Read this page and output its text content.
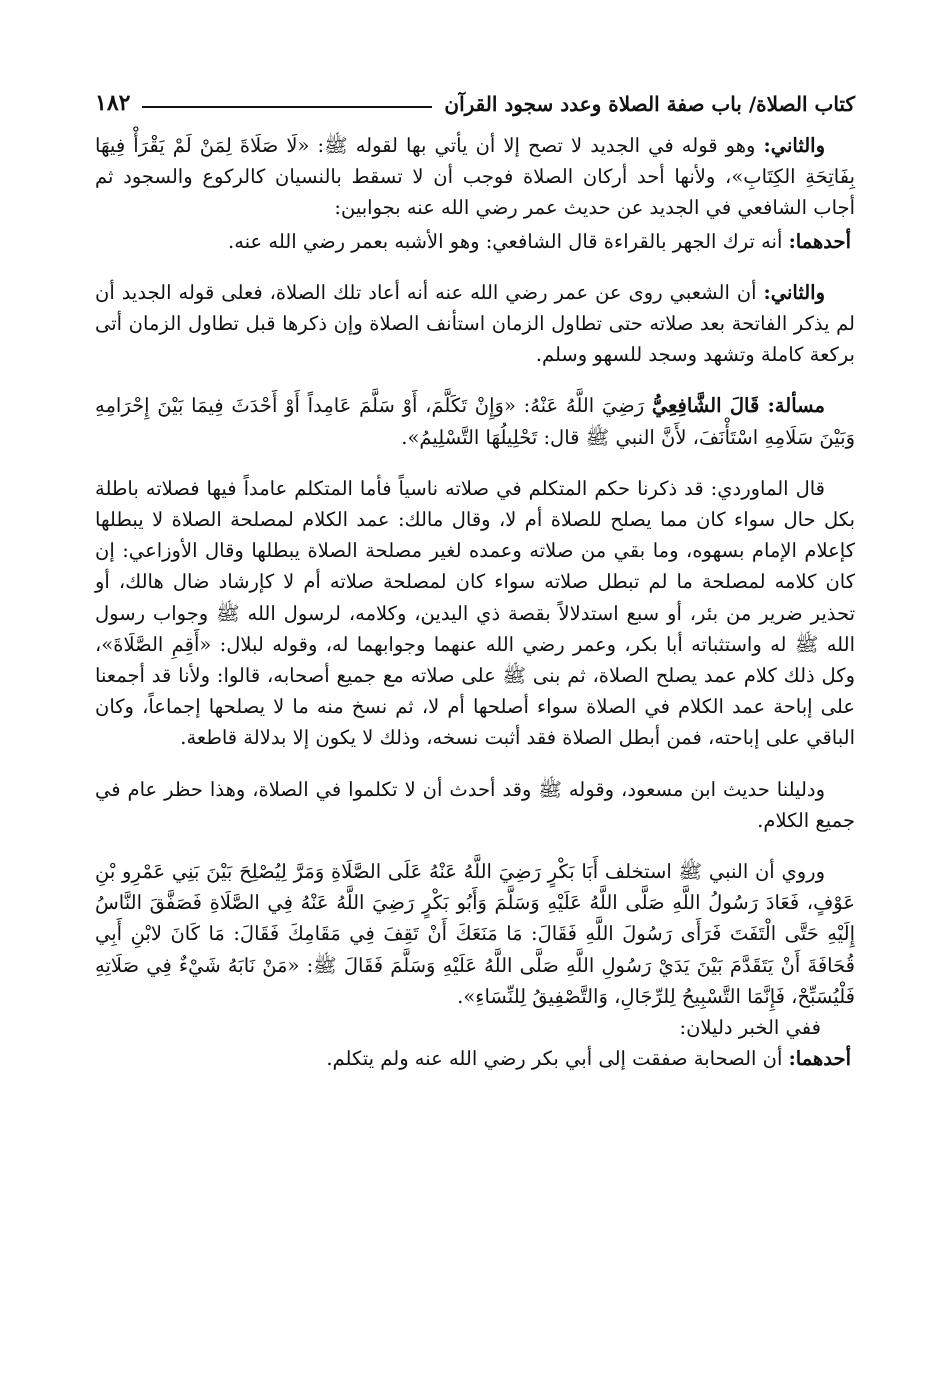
كتاب الصلاة/ باب صفة الصلاة وعدد سجود القرآن
١٨٢

والثاني: وهو قوله في الجديد لا تصح إلا أن يأتي بها لقوله ﷺ: «لَا صَلَاةَ لِمَنْ لَمْ يَقْرَأْ فِيهَا بِفَاتِحَةِ الكِتَابِ»، ولأنها أحد أركان الصلاة فوجب أن لا تسقط بالنسيان كالركوع والسجود ثم أجاب الشافعي في الجديد عن حديث عمر رضي الله عنه بجوابين:

أحدهما: أنه ترك الجهر بالقراءة قال الشافعي: وهو الأشبه بعمر رضي الله عنه.

والثاني: أن الشعبي روى عن عمر رضي الله عنه أنه أعاد تلك الصلاة، فعلى قوله الجديد أن لم يذكر الفاتحة بعد صلاته حتى تطاول الزمان استأنف الصلاة وإن ذكرها قبل تطاول الزمان أتى بركعة كاملة وتشهد وسجد للسهو وسلم.

مسألة: قَالَ الشَّافِعِيُّ رَضِيَ اللَّهُ عَنْهُ: «وَإِنْ تَكَلَّمَ، أَوْ سَلَّمَ عَامِداً أَوْ أَحْدَثَ فِيمَا بَيْنَ إِحْرَامِهِ وَبَيْنَ سَلَامِهِ اسْتَأْنَفَ، لأَنَّ النبي ﷺ قال: تَحْلِيلُهَا التَّسْلِيمُ».

قال الماوردي: قد ذكرنا حكم المتكلم في صلاته ناسياً فأما المتكلم عامداً فيها فصلاته باطلة بكل حال سواء كان مما يصلح للصلاة أم لا، وقال مالك: عمد الكلام لمصلحة الصلاة لا يبطلها كإعلام الإمام بسهوه، وما بقي من صلاته وعمده لغير مصلحة الصلاة يبطلها وقال الأوزاعي: إن كان كلامه لمصلحة ما لم تبطل صلاته سواء كان لمصلحة صلاته أم لا كإرشاد ضال هالك، أو تحذير ضرير من بئر، أو سبع استدلالاً بقصة ذي اليدين، وكلامه، لرسول الله ﷺ وجواب رسول الله ﷺ له واستثباته أبا بكر، وعمر رضي الله عنهما وجوابهما له، وقوله لبلال: «أَقِمِ الصَّلَاةَ»، وكل ذلك كلام عمد يصلح الصلاة، ثم بنى ﷺ على صلاته مع جميع أصحابه، قالوا: ولأنا قد أجمعنا على إباحة عمد الكلام في الصلاة سواء أصلحها أم لا، ثم نسخ منه ما لا يصلحها إجماعاً، وكان الباقي على إباحته، فمن أبطل الصلاة فقد أثبت نسخه، وذلك لا يكون إلا بدلالة قاطعة.

ودليلنا حديث ابن مسعود، وقوله ﷺ وقد أحدث أن لا تكلموا في الصلاة، وهذا حظر عام في جميع الكلام.

وروي أن النبي ﷺ استخلف أَبَا بَكْرٍ رَضِيَ اللَّهُ عَنْهُ عَلَى الصَّلَاةِ وَمَرَّ لِيُصْلِحَ بَيْنَ بَنِي عَمْرِو بْنِ عَوْفٍ، فَعَادَ رَسُولُ اللَّهِ صَلَّى اللَّهُ عَلَيْهِ وَسَلَّمَ وَأَبُو بَكْرٍ رَضِيَ اللَّهُ عَنْهُ فِي الصَّلَاةِ فَصَفَّقَ النَّاسُ إِلَيْهِ حَتَّى الْتَفَتَ فَرَأَى رَسُولَ اللَّهِ فَقَالَ: مَا مَنَعَكَ أَنْ تَقِفَ فِي مَقَامِكَ فَقَالَ: مَا كَانَ لابْنِ أَبِي قُحَافَةَ أَنْ يَتَقَدَّمَ بَيْنَ يَدَيْ رَسُولِ اللَّهِ صَلَّى اللَّهُ عَلَيْهِ وَسَلَّمَ فَقَالَ ﷺ: «مَنْ نَابَهُ شَيْءٌ فِي صَلَاتِهِ فَلْيُسَبِّحْ، فَإِنَّمَا التَّسْبِيحُ لِلرِّجَالِ، وَالتَّصْفِيقُ لِلنِّسَاءِ».

ففي الخبر دليلان:

أحدهما: أن الصحابة صفقت إلى أبي بكر رضي الله عنه ولم يتكلم.
